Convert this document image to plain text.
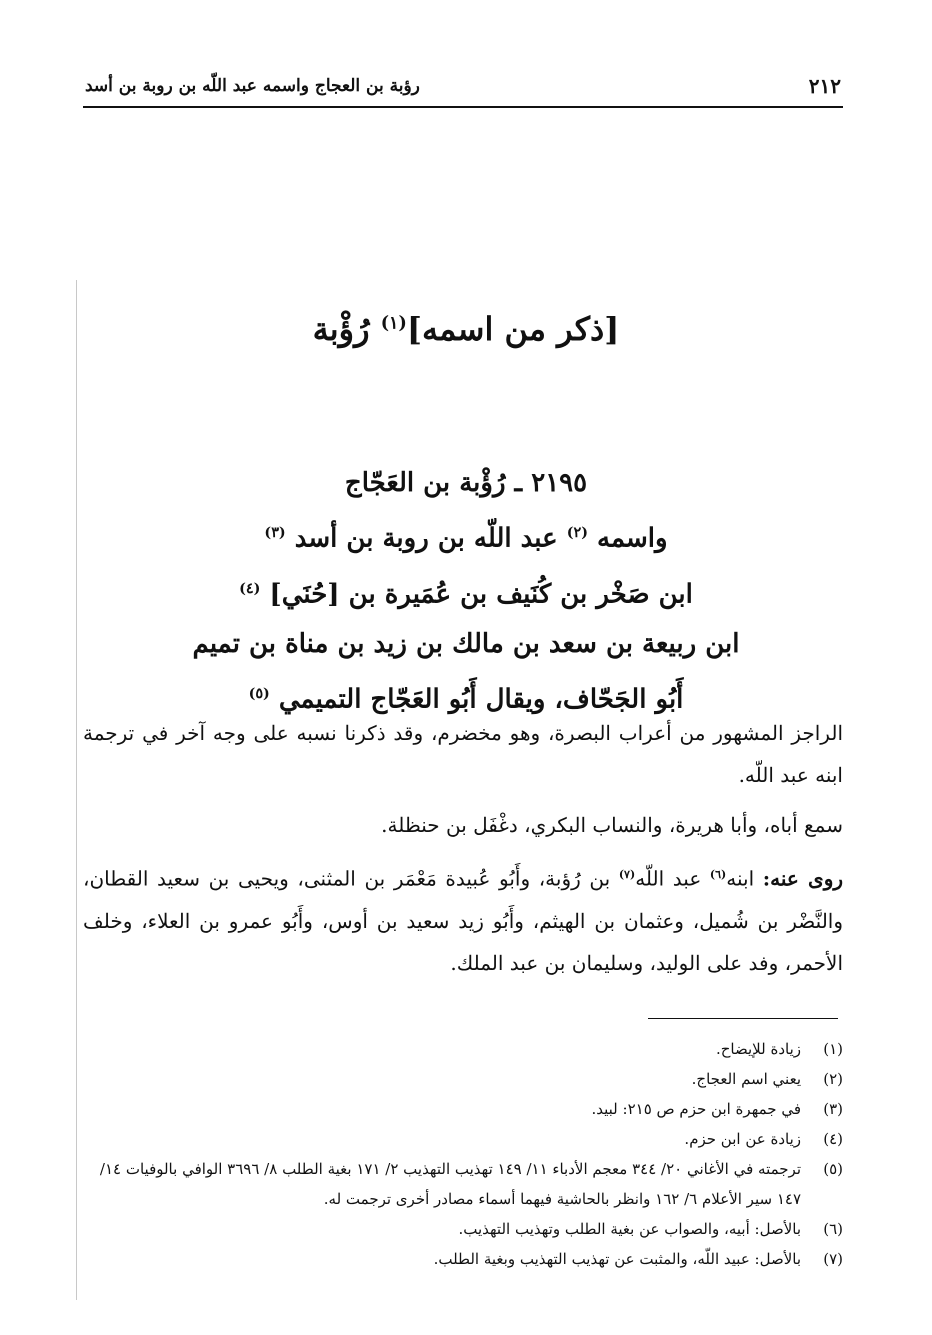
٢١٢
رؤبة بن العجاج واسمه عبد اللّه بن روبة بن أسد
[ذكر من اسمه]$^{(١)}$ رُؤْبة
٢١٩٥ ـ رُؤْبة بن العَجّاج
واسمه $^{(٢)}$ عبد اللّه بن روبة بن أسد $^{(٣)}$
ابن صَخْر بن كُنَيف بن عُمَيرة بن [حُنَي] $^{(٤)}$
ابن ربيعة بن سعد بن مالك بن زيد بن مناة بن تميم
أَبُو الجَحّاف، ويقال أَبُو العَجّاج التميمي $^{(٥)}$

الراجز المشهور من أعراب البصرة، وهو مخضرم، وقد ذكرنا نسبه على وجه آخر في ترجمة ابنه عبد اللّه.

سمع أباه، وأبا هريرة، والنساب البكري، دغْفَل بن حنظلة.

روى عنه: ابنه$^{(٦)}$ عبد اللّه$^{(٧)}$ بن رُؤبة، وأَبُو عُبيدة مَعْمَر بن المثنى، ويحيى بن سعيد القطان، والنَّضْر بن شُميل، وعثمان بن الهيثم، وأَبُو زيد سعيد بن أوس، وأَبُو عمرو بن العلاء، وخلف الأحمر، وفد على الوليد، وسليمان بن عبد الملك.

(١)
زيادة للإيضاح.
(٢)
يعني اسم العجاج.
(٣)
في جمهرة ابن حزم ص ٢١٥: لبيد.
(٤)
زيادة عن ابن حزم.
(٥)
ترجمته في الأغاني ٢٠/ ٣٤٤ معجم الأدباء ١١/ ١٤٩ تهذيب التهذيب ٢/ ١٧١ بغية الطلب ٨/ ٣٦٩٦ الوافي بالوفيات ١٤/ ١٤٧ سير الأعلام ٦/ ١٦٢ وانظر بالحاشية فيهما أسماء مصادر أخرى ترجمت له.
(٦)
بالأصل: أبيه، والصواب عن بغية الطلب وتهذيب التهذيب.
(٧)
بالأصل: عبيد اللّه، والمثبت عن تهذيب التهذيب وبغية الطلب.
